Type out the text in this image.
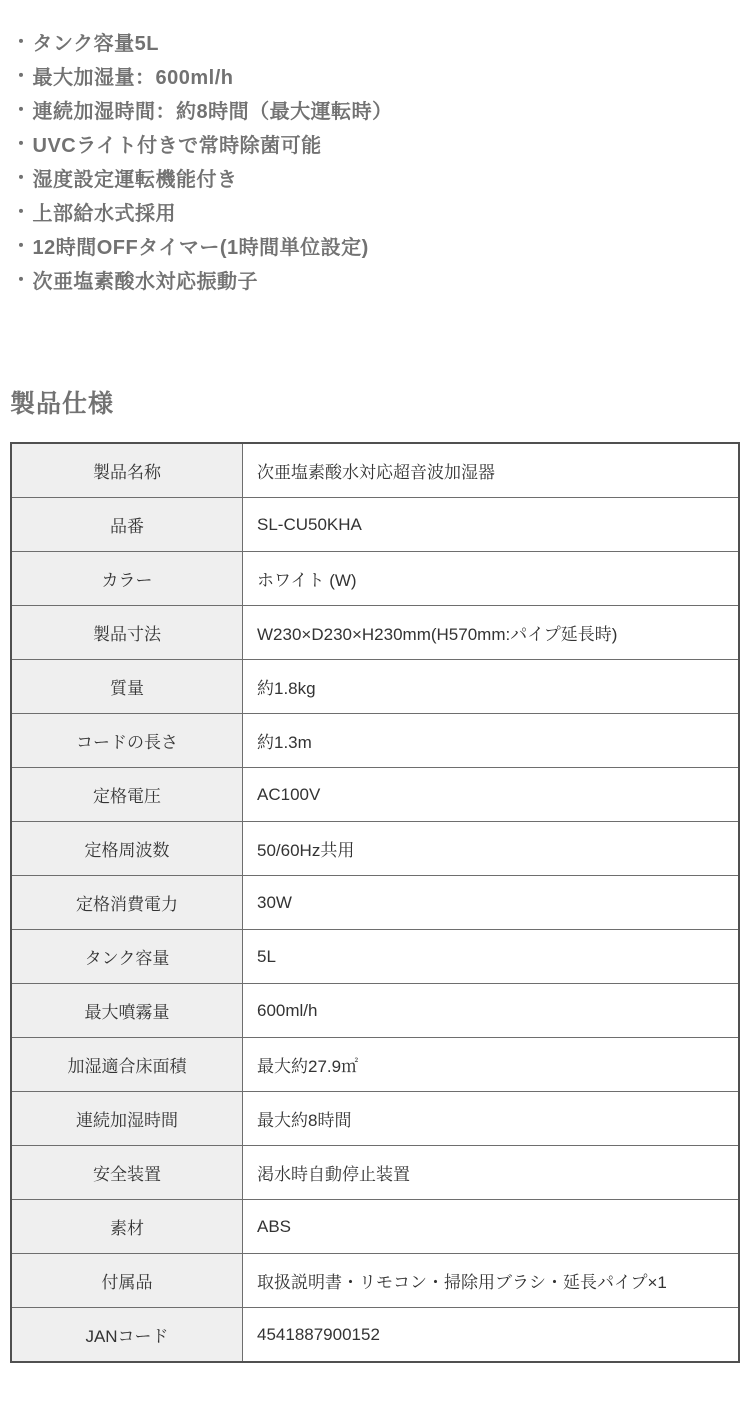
・ タンク容量5L
・ 最大加湿量：600ml/h
・ 連続加湿時間：約8時間（最大運転時）
・ UVCライト付きで常時除菌可能
・ 湿度設定運転機能付き
・ 上部給水式採用
・ 12時間OFFタイマー(1時間単位設定)
・ 次亜塩素酸水対応振動子
製品仕様
製品名称	次亜塩素酸水対応超音波加湿器
品番	SL-CU50KHA
カラー	ホワイト (W)
製品寸法	W230×D230×H230mm(H570mm:パイプ延長時)
質量	約1.8kg
コードの長さ	約1.3m
定格電圧	AC100V
定格周波数	50/60Hz共用
定格消費電力	30W
タンク容量	5L
最大噴霧量	600ml/h
加湿適合床面積	最大約27.9㎡
連続加湿時間	最大約8時間
安全装置	渇水時自動停止装置
素材	ABS
付属品	取扱説明書・リモコン・掃除用ブラシ・延長パイプ×1
JANコード	4541887900152
